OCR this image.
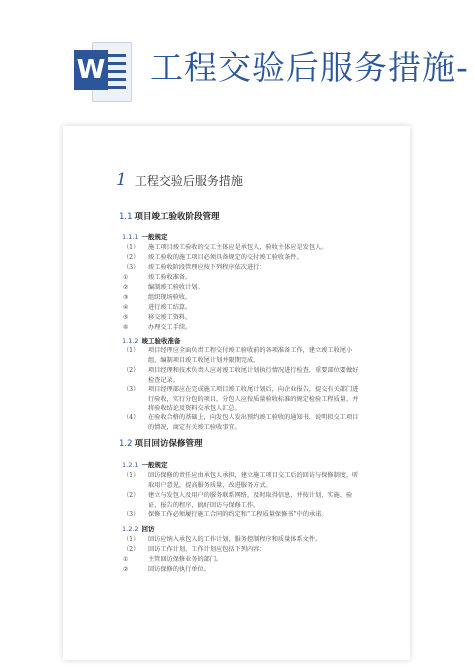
W 工程交验后服务措施-
1 工程交验后服务措施
1.1 项目竣工验收阶段管理
1.1.1 一般规定
（1）	施工项目竣工验收的交工主体应是承包人，验收主体应是发包人。
（2）	竣工验收的施工项目必须具备规定的交付竣工验收条件。
（3）	竣工验收阶段管理应按下列程序依次进行：
①	竣工验收准备。
②	编制竣工验收计划。
③	组织现场验收。
④	进行竣工结算。
⑤	移交竣工资料。
⑥	办理交工手续。
1.1.2 竣工验收准备
（1）	项目经理应全面负责工程交付竣工验收前的各项准备工作，建立竣工收尾小组，编制项目竣工收尾计划并限期完成。
（2）	项目经理和技术负责人应对竣工收尾计划执行情况进行检查，重要部位要做好检查记录。
（3）	项目经理部应在完成施工项目竣工收尾计划后，向企业报告，提交有关部门进行验收，实行分包的项目，分包人应按质量验收标准的规定检验工程质量，并将验收结论及资料交承包人汇总。
（4）	在验收合格的基础上，向发包人发出预约竣工验收的通知书，说明拟交工项目的情况，商定有关竣工验收事宜。
1.2 项目回访保修管理
1.2.1 一般规定
（1）	回访保修的责任应由承包人承担，建立施工项目交工后的回访与保修制度，听取用户意见，提高服务质量，改进服务方式。
（2）	建立与发包人及用户的服务联系网络，及时取得信息，并按计划、实施、验证、报告的程序，搞好回访与保修工作。
（3）	保修工作必须履行施工合同的约定和“工程质量保修书”中的承诺。
1.2.2 回访
（1）	回访应纳入承包人的工作计划、服务控制程序和质量体系文件。
（2）	回访工作计划，工作计划应包括下列内容：
①	主管回访保修业务的部门。
②	回访保修的执行单位。
